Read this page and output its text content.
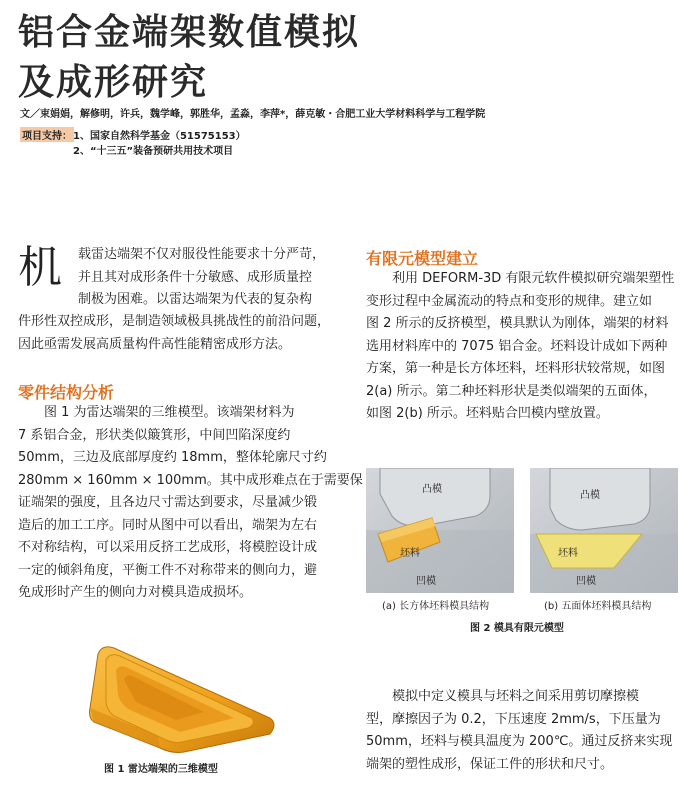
铝合金端架数值模拟
及成形研究
文／束娟娟，解修明，许兵，魏学峰，郭胜华，孟淼，李萍*，薛克敏・合肥工业大学材料科学与工程学院
项目支持： 1、国家自然科学基金（51575153）
2、“十三五”装备预研共用技术项目
机 载雷达端架不仅对服役性能要求十分严苛，
并且其对成形条件十分敏感、成形质量控
制极为困难。以雷达端架为代表的复杂构
件形性双控成形，是制造领域极具挑战性的前沿问题，
因此亟需发展高质量构件高性能精密成形方法。
零件结构分析
图 1 为雷达端架的三维模型。该端架材料为
7 系铝合金，形状类似簸箕形，中间凹陷深度约
50mm，三边及底部厚度约 18mm，整体轮廓尺寸约
280mm × 160mm × 100mm。其中成形难点在于需要保
证端架的强度，且各边尺寸需达到要求，尽量减少锻
造后的加工工序。同时从图中可以看出，端架为左右
不对称结构，可以采用反挤工艺成形，将模腔设计成
一定的倾斜角度，平衡工件不对称带来的侧向力，避
免成形时产生的侧向力对模具造成损坏。
有限元模型建立
利用 DEFORM-3D 有限元软件模拟研究端架塑性
变形过程中金属流动的特点和变形的规律。建立如
图 2 所示的反挤模型，模具默认为刚体，端架的材料
选用材料库中的 7075 铝合金。坯料设计成如下两种
方案，第一种是长方体坯料，坯料形状较常规，如图
2(a) 所示。第二种坯料形状是类似端架的五面体，
如图 2(b) 所示。坯料贴合凹模内壁放置。
凸模
坯料
凹模
凸模
坯料
凹模
(a) 长方体坯料模具结构	(b) 五面体坯料模具结构
图 2 模具有限元模型
图 1 雷达端架的三维模型
模拟中定义模具与坯料之间采用剪切摩擦模
型，摩擦因子为 0.2，下压速度 2mm/s，下压量为
50mm，坯料与模具温度为 200℃。通过反挤来实现
端架的塑性成形，保证工件的形状和尺寸。
